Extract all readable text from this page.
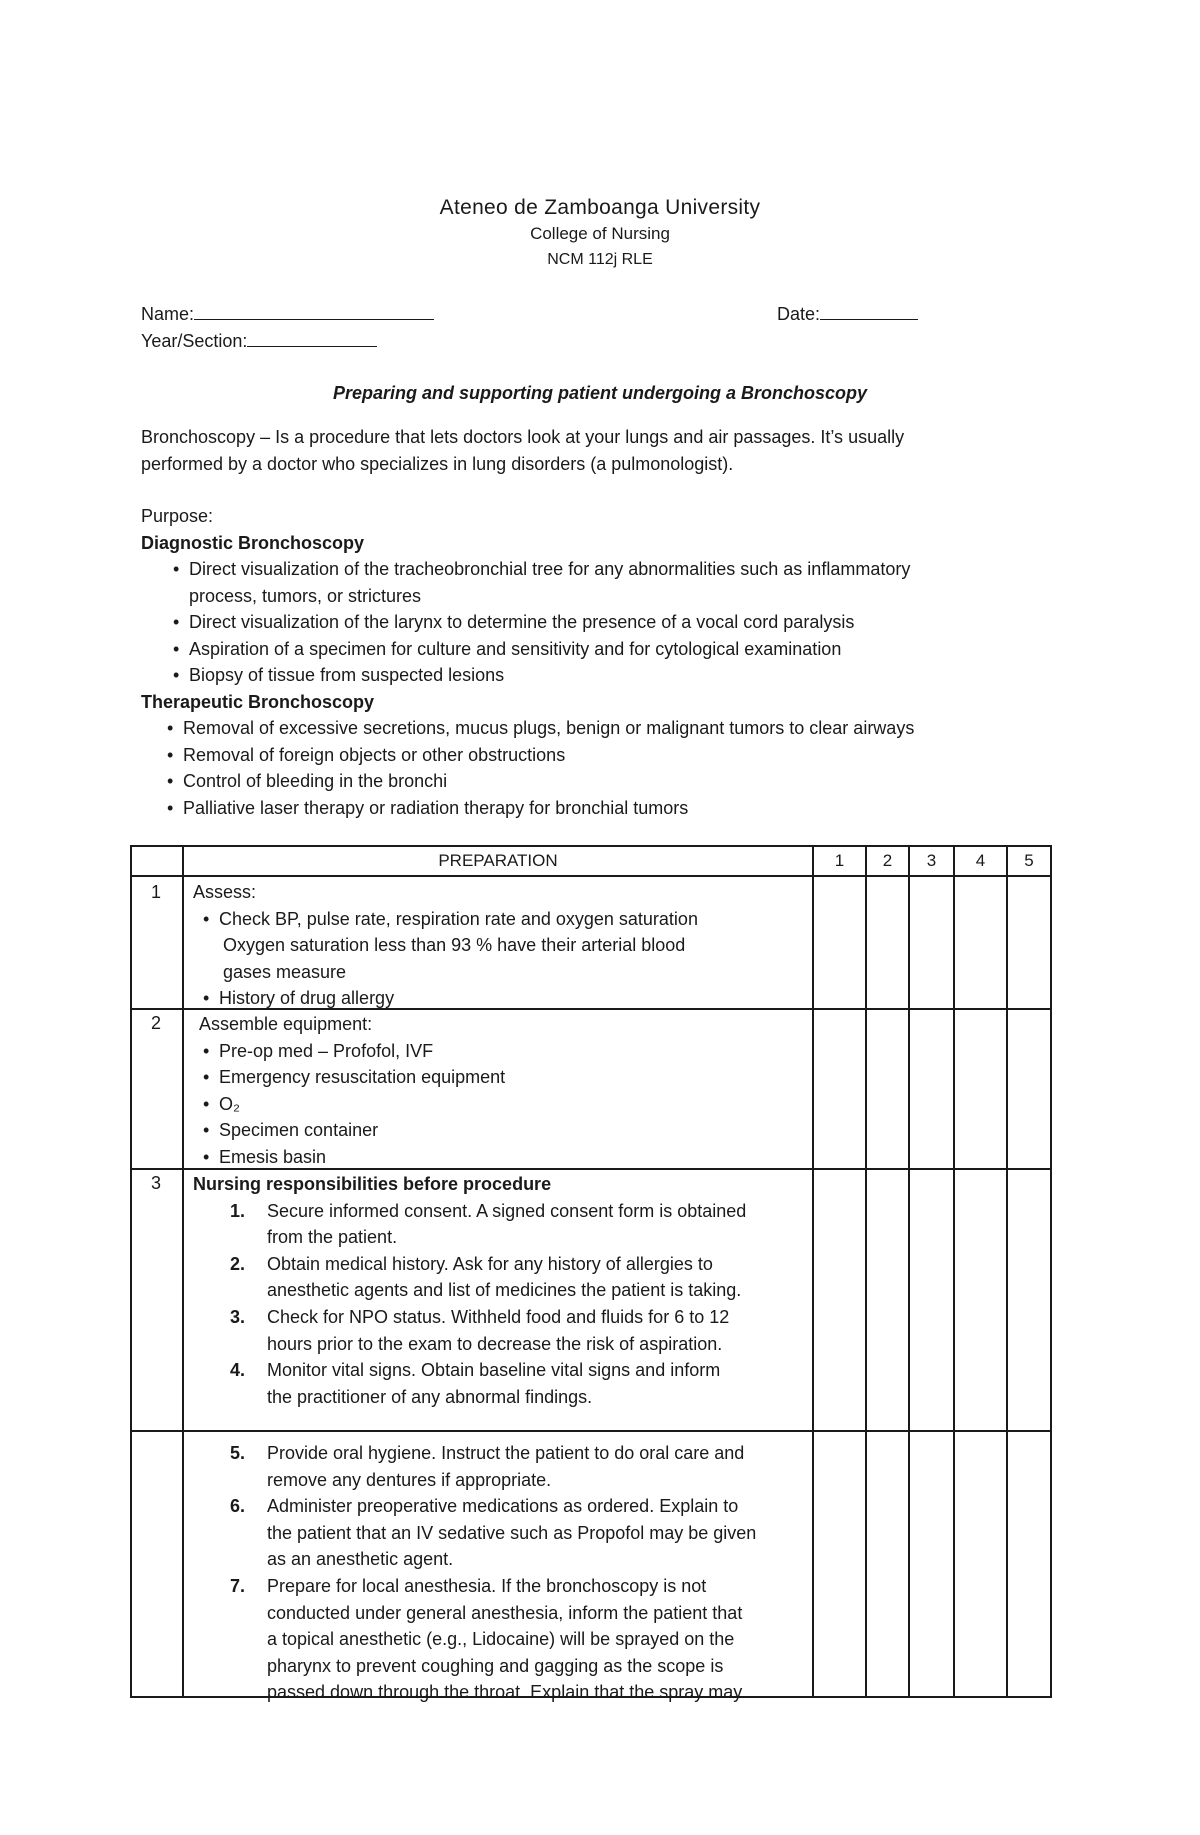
Ateneo de Zamboanga University
College of Nursing
NCM 112j RLE
Name:	Date:
Year/Section:
Preparing and supporting patient undergoing a Bronchoscopy
Bronchoscopy – Is a procedure that lets doctors look at your lungs and air passages. It’s usually
performed by a doctor who specializes in lung disorders (a pulmonologist).
Purpose:
Diagnostic Bronchoscopy
• Direct visualization of the tracheobronchial tree for any abnormalities such as inflammatory
process, tumors, or strictures
• Direct visualization of the larynx to determine the presence of a vocal cord paralysis
• Aspiration of a specimen for culture and sensitivity and for cytological examination
• Biopsy of tissue from suspected lesions
Therapeutic Bronchoscopy
• Removal of excessive secretions, mucus plugs, benign or malignant tumors to clear airways
• Removal of foreign objects or other obstructions
• Control of bleeding in the bronchi
• Palliative laser therapy or radiation therapy for bronchial tumors
PREPARATION	1	2	3	4	5
1	Assess:
• Check BP, pulse rate, respiration rate and oxygen saturation
Oxygen saturation less than 93 % have their arterial blood
gases measure
• History of drug allergy
2	Assemble equipment:
• Pre-op med – Profofol, IVF
• Emergency resuscitation equipment
• O₂
• Specimen container
• Emesis basin
3	Nursing responsibilities before procedure
1. Secure informed consent. A signed consent form is obtained
from the patient.
2. Obtain medical history. Ask for any history of allergies to
anesthetic agents and list of medicines the patient is taking.
3. Check for NPO status. Withheld food and fluids for 6 to 12
hours prior to the exam to decrease the risk of aspiration.
4. Monitor vital signs. Obtain baseline vital signs and inform
the practitioner of any abnormal findings.
5. Provide oral hygiene. Instruct the patient to do oral care and
remove any dentures if appropriate.
6. Administer preoperative medications as ordered. Explain to
the patient that an IV sedative such as Propofol may be given
as an anesthetic agent.
7. Prepare for local anesthesia. If the bronchoscopy is not
conducted under general anesthesia, inform the patient that
a topical anesthetic (e.g., Lidocaine) will be sprayed on the
pharynx to prevent coughing and gagging as the scope is
passed down through the throat. Explain that the spray may
